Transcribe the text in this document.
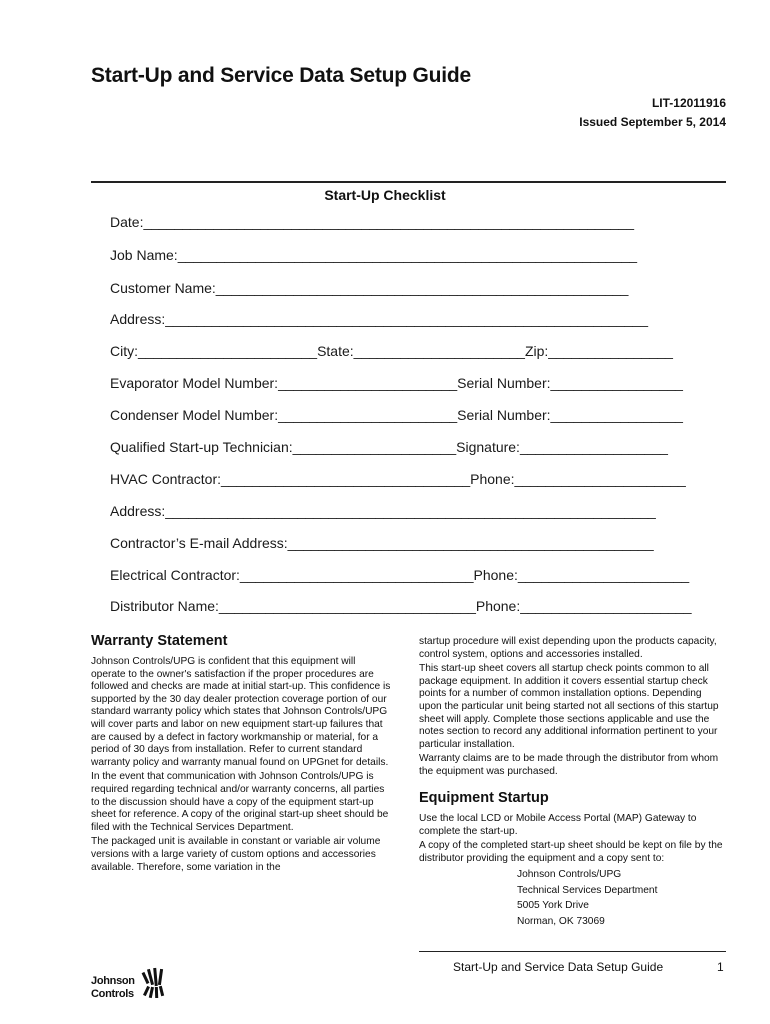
Start-Up and Service Data Setup Guide
LIT-12011916
Issued September 5, 2014
Start-Up Checklist
Date:_______________________________________________________________
Job Name:___________________________________________________________
Customer Name:_____________________________________________________
Address:______________________________________________________________
City:_______________________State:______________________Zip:________________
Evaporator Model Number:_______________________Serial Number:_________________
Condenser Model Number:_______________________Serial Number:_________________
Qualified Start-up Technician:_____________________Signature:___________________
HVAC Contractor:________________________________Phone:______________________
Address:_______________________________________________________________
Contractor’s E-mail Address:_______________________________________________
Electrical Contractor:______________________________Phone:______________________
Distributor Name:_________________________________Phone:______________________
Warranty Statement

Johnson Controls/UPG is confident that this equipment will operate to the owner's satisfaction if the proper procedures are followed and checks are made at initial start-up. This confidence is supported by the 30 day dealer protection coverage portion of our standard warranty policy which states that Johnson Controls/UPG will cover parts and labor on new equipment start-up failures that are caused by a defect in factory workmanship or material, for a period of 30 days from installation. Refer to current standard warranty policy and warranty manual found on UPGnet for details.

In the event that communication with Johnson Controls/UPG is required regarding technical and/or warranty concerns, all parties to the discussion should have a copy of the equipment start-up sheet for reference. A copy of the original start-up sheet should be filed with the Technical Services Department.

The packaged unit is available in constant or variable air volume versions with a large variety of custom options and accessories available. Therefore, some variation in the

startup procedure will exist depending upon the products capacity, control system, options and accessories installed.

This start-up sheet covers all startup check points common to all package equipment. In addition it covers essential startup check points for a number of common installation options. Depending upon the particular unit being started not all sections of this startup sheet will apply. Complete those sections applicable and use the notes section to record any additional information pertinent to your particular installation.

Warranty claims are to be made through the distributor from whom the equipment was purchased.

Equipment Startup

Use the local LCD or Mobile Access Portal (MAP) Gateway to complete the start-up.

A copy of the completed start-up sheet should be kept on file by the distributor providing the equipment and a copy sent to:

Johnson Controls/UPG
Technical Services Department
5005 York Drive
Norman, OK 73069
Start-Up and Service Data Setup Guide	1
Johnson
Controls
